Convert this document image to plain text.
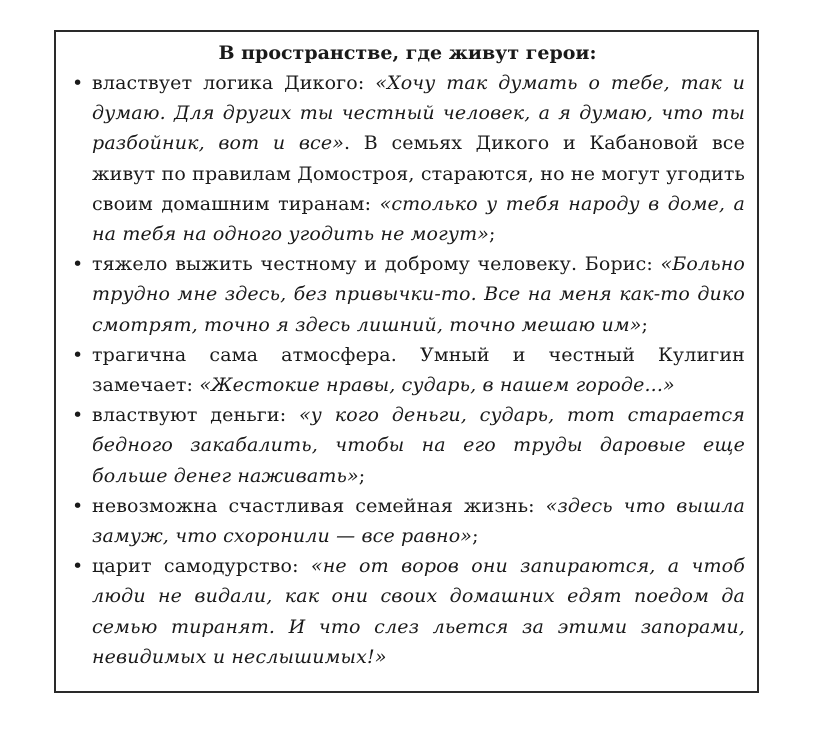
В пространстве, где живут герои:
• властвует логика Дикого: «Хочу так думать о тебе, так и думаю. Для других ты честный человек, а я думаю, что ты разбойник, вот и все». В семьях Дикого и Кабановой все живут по правилам Домостроя, стараются, но не могут угодить своим домашним тиранам: «столько у тебя народу в доме, а на тебя на одного угодить не могут»;
• тяжело выжить честному и доброму человеку. Борис: «Больно трудно мне здесь, без привычки-то. Все на меня как-то дико смотрят, точно я здесь лишний, точно мешаю им»;
• трагична сама атмосфера. Умный и честный Кулигин замечает: «Жестокие нравы, сударь, в нашем городе...»
• властвуют деньги: «у кого деньги, сударь, тот старается бедного закабалить, чтобы на его труды даровые еще больше денег наживать»;
• невозможна счастливая семейная жизнь: «здесь что вышла замуж, что схоронили — все равно»;
• царит самодурство: «не от воров они запираются, а чтоб люди не видали, как они своих домашних едят поедом да семью тиранят. И что слез льется за этими запорами, невидимых и неслышимых!»
